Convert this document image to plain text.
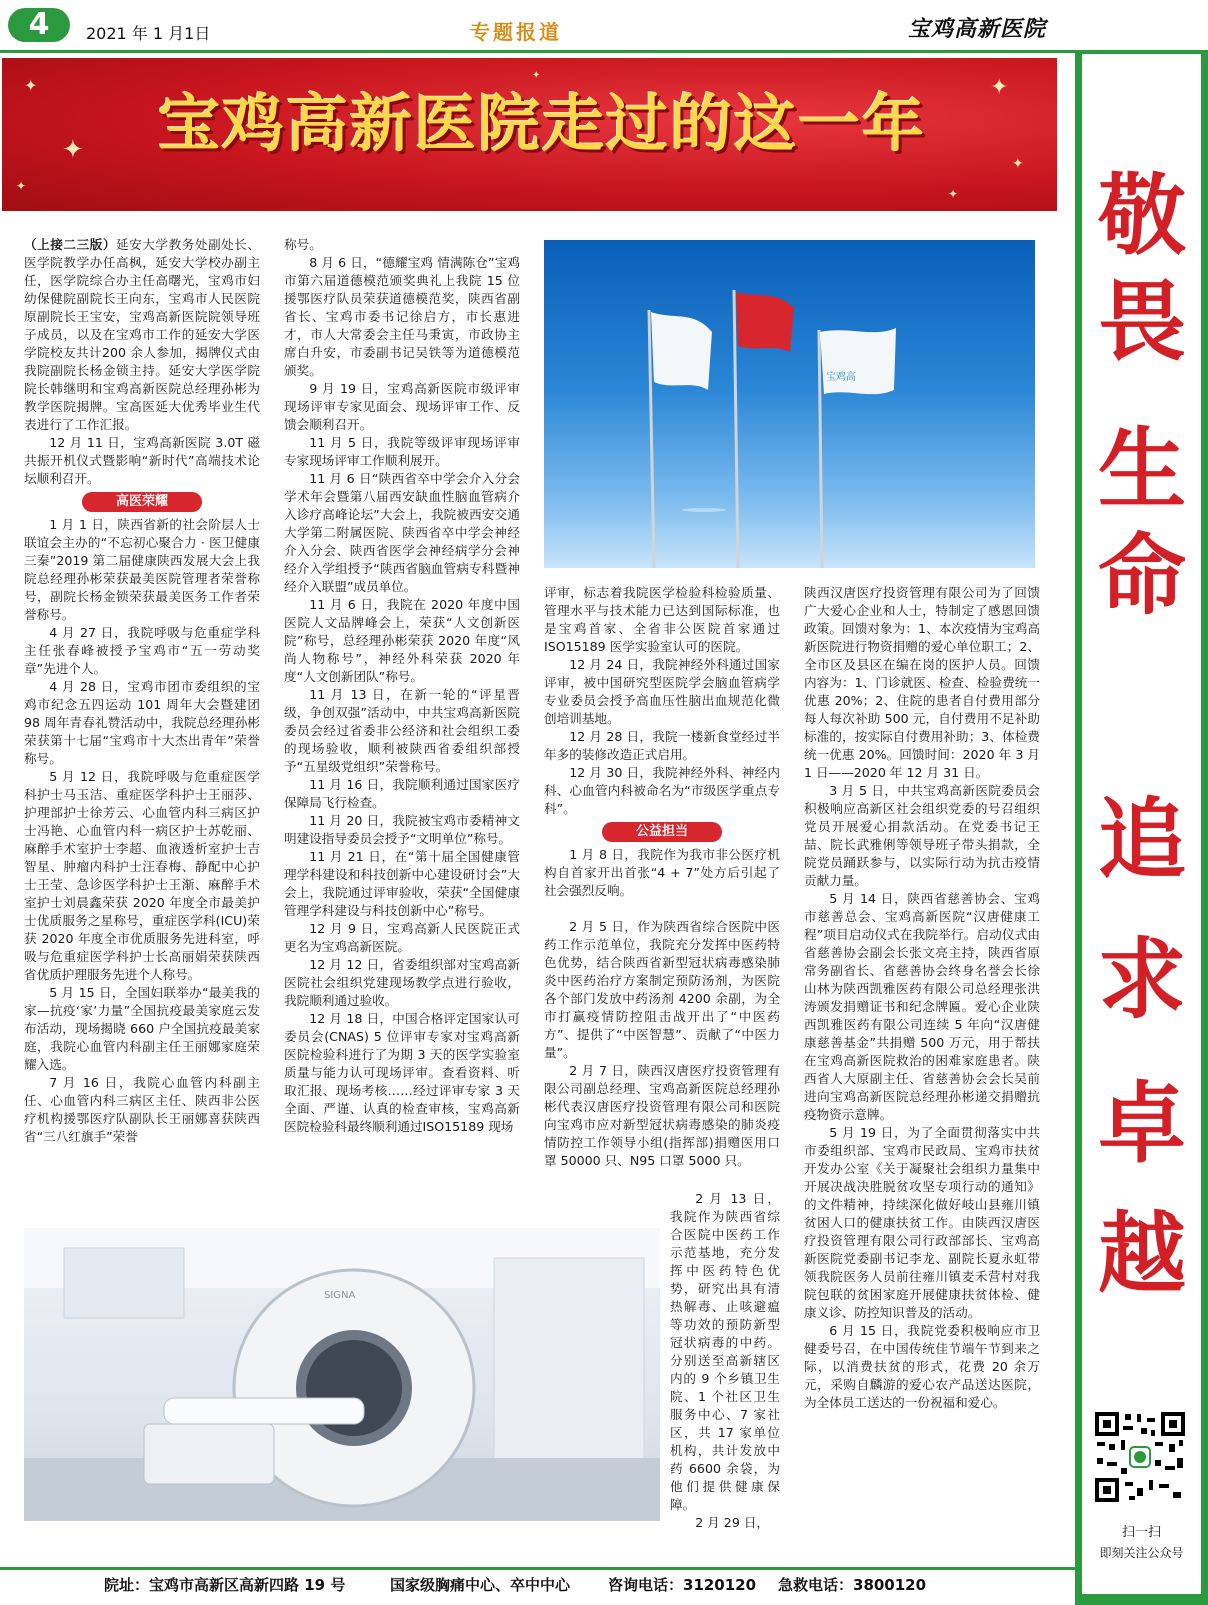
4	2021 年 1 月1日	专题报道	宝鸡高新医院
✦
✦
✦
✦
✦
✦
✦
宝鸡高新医院走过的这一年

（上接二三版）延安大学教务处副处长、医学院教学办任高枫，延安大学校办副主任，医学院综合办主任高曙光，宝鸡市妇幼保健院副院长王向东，宝鸡市人民医院原副院长王宝安，宝鸡高新医院院领导班子成员，以及在宝鸡市工作的延安大学医学院校友共计200 余人参加，揭牌仪式由我院副院长杨金锁主持。延安大学医学院院长韩继明和宝鸡高新医院总经理孙彬为教学医院揭牌。宝高医延大优秀毕业生代表进行了工作汇报。

12 月 11 日，宝鸡高新医院 3.0T 磁共振开机仪式暨影响“新时代”高端技术论坛顺利召开。

高医荣耀

1 月 1 日，陕西省新的社会阶层人士联谊会主办的“不忘初心聚合力 · 医卫健康三秦”2019 第二届健康陕西发展大会上我院总经理孙彬荣获最美医院管理者荣誉称号，副院长杨金锁荣获最美医务工作者荣誉称号。

4 月 27 日，我院呼吸与危重症学科主任张春峰被授予宝鸡市“五一劳动奖章”先进个人。

4 月 28 日，宝鸡市团市委组织的宝鸡市纪念五四运动 101 周年大会暨建团 98 周年青春礼赞活动中，我院总经理孙彬荣获第十七届“宝鸡市十大杰出青年”荣誉称号。

5 月 12 日，我院呼吸与危重症医学科护士马玉洁、重症医学科护士王丽莎、护理部护士徐芳云、心血管内科三病区护士冯艳、心血管内科一病区护士苏乾丽、麻醉手术室护士李超、血液透析室护士吉智星、肿瘤内科护士汪春梅、静配中心护士王莹、急诊医学科护士王渐、麻醉手术室护士刘晨鑫荣获 2020 年度全市最美护士优质服务之星称号，重症医学科(ICU)荣获 2020 年度全市优质服务先进科室，呼吸与危重症医学科护士长高丽娟荣获陕西省优质护理服务先进个人称号。

5 月 15 日，全国妇联举办“最美我的家—抗疫‘家’力量”全国抗疫最美家庭云发布活动，现场揭晓 660 户全国抗疫最美家庭，我院心血管内科副主任王丽娜家庭荣耀入选。

7 月 16 日，我院心血管内科副主任、心血管内科三病区主任、陕西非公医疗机构援鄂医疗队副队长王丽娜喜获陕西省“三八红旗手”荣誉

称号。

8 月 6 日，“德耀宝鸡 情满陈仓”宝鸡市第六届道德模范颁奖典礼上我院 15 位援鄂医疗队员荣获道德模范奖，陕西省副省长、宝鸡市委书记徐启方，市长惠进才，市人大常委会主任马秉寅，市政协主席白升安，市委副书记吴铁等为道德模范颁奖。

9 月 19 日，宝鸡高新医院市级评审现场评审专家见面会、现场评审工作、反馈会顺利召开。

11 月 5 日，我院等级评审现场评审专家现场评审工作顺利展开。

11 月 6 日“陕西省卒中学会介入分会学术年会暨第八届西安缺血性脑血管病介入诊疗高峰论坛”大会上，我院被西安交通大学第二附属医院、陕西省卒中学会神经介入分会、陕西省医学会神经病学分会神经介入学组授予“陕西省脑血管病专科暨神经介入联盟”成员单位。

11 月 6 日，我院在 2020 年度中国医院人文品牌峰会上，荣获“人文创新医院”称号，总经理孙彬荣获 2020 年度“风尚人物称号”，神经外科荣获 2020 年度“人文创新团队”称号。

11 月 13 日，在新一轮的“评星晋级，争创双强”活动中，中共宝鸡高新医院委员会经过省委非公经济和社会组织工委的现场验收，顺利被陕西省委组织部授予“五星级党组织”荣誉称号。

11 月 16 日，我院顺利通过国家医疗保障局飞行检查。

11 月 20 日，我院被宝鸡市委精神文明建设指导委员会授予“文明单位”称号。

11 月 21 日，在“第十届全国健康管理学科建设和科技创新中心建设研讨会”大会上，我院通过评审验收，荣获“全国健康管理学科建设与科技创新中心”称号。

12 月 9 日，宝鸡高新人民医院正式更名为宝鸡高新医院。

12 月 12 日，省委组织部对宝鸡高新医院社会组织党建现场教学点进行验收，我院顺利通过验收。

12 月 18 日，中国合格评定国家认可委员会(CNAS) 5 位评审专家对宝鸡高新医院检验科进行了为期 3 天的医学实验室质量与能力认可现场评审。查看资料、听取汇报、现场考核……经过评审专家 3 天全面、严谨、认真的检查审核，宝鸡高新医院检验科最终顺利通过ISO15189 现场

宝鸡高

评审，标志着我院医学检验科检验质量、管理水平与技术能力已达到国际标准，也是宝鸡首家、全省非公医院首家通过 ISO15189 医学实验室认可的医院。

12 月 24 日，我院神经外科通过国家评审，被中国研究型医院学会脑血管病学专业委员会授予高血压性脑出血规范化微创培训基地。

12 月 28 日，我院一楼新食堂经过半年多的装修改造正式启用。

12 月 30 日，我院神经外科、神经内科、心血管内科被命名为“市级医学重点专科”。

公益担当

1 月 8 日，我院作为我市非公医疗机构自首家开出首张“4 + 7”处方后引起了社会强烈反响。

2 月 5 日，作为陕西省综合医院中医药工作示范单位，我院充分发挥中医药特色优势，结合陕西省新型冠状病毒感染肺炎中医药治疗方案制定预防汤剂，为医院各个部门发放中药汤剂 4200 余副，为全市打赢疫情防控阻击战开出了“中医药方”、提供了“中医智慧”、贡献了“中医力量”。

2 月 7 日，陕西汉唐医疗投资管理有限公司副总经理、宝鸡高新医院总经理孙彬代表汉唐医疗投资管理有限公司和医院向宝鸡市应对新型冠状病毒感染的肺炎疫情防控工作领导小组(指挥部)捐赠医用口罩 50000 只、N95 口罩 5000 只。

2 月 13 日，我院作为陕西省综合医院中医药工作示范基地，充分发挥中医药特色优势，研究出具有清热解毒、止咳避瘟等功效的预防新型冠状病毒的中药。分别送至高新辖区内的 9 个乡镇卫生院、1 个社区卫生服务中心、7 家社区，共 17 家单位机构，共计发放中药 6600 余袋，为他们提供健康保障。

2 月 29 日，

陕西汉唐医疗投资管理有限公司为了回馈广大爱心企业和人士，特制定了感恩回馈政策。回馈对象为：1、本次疫情为宝鸡高新医院进行物资捐赠的爱心单位职工；2、全市区及县区在编在岗的医护人员。回馈内容为：1、门诊就医、检查、检验费统一优惠 20%；2、住院的患者自付费用部分每人每次补助 500 元，自付费用不足补助标准的，按实际自付费用补助；3、体检费统一优惠 20%。回馈时间：2020 年 3 月 1 日——2020 年 12 月 31 日。

3 月 5 日，中共宝鸡高新医院委员会积极响应高新区社会组织党委的号召组织党员开展爱心捐款活动。在党委书记王喆、院长武雅俐等领导班子带头捐款，全院党员踊跃参与，以实际行动为抗击疫情贡献力量。

5 月 14 日，陕西省慈善协会、宝鸡市慈善总会、宝鸡高新医院“汉唐健康工程”项目启动仪式在我院举行。启动仪式由省慈善协会副会长张文亮主持，陕西省原常务副省长、省慈善协会终身名誉会长徐山林为陕西凯雅医药有限公司总经理张洪涛颁发捐赠证书和纪念牌匾。爱心企业陕西凯雅医药有限公司连续 5 年向“汉唐健康慈善基金”共捐赠 500 万元，用于帮扶在宝鸡高新医院救治的困难家庭患者。陕西省人大原副主任、省慈善协会会长吴前进向宝鸡高新医院总经理孙彬递交捐赠抗疫物资示意牌。

5 月 19 日，为了全面贯彻落实中共市委组织部、宝鸡市民政局、宝鸡市扶贫开发办公室《关于凝聚社会组织力量集中开展决战决胜脱贫攻坚专项行动的通知》的文件精神，持续深化做好岐山县雍川镇贫困人口的健康扶贫工作。由陕西汉唐医疗投资管理有限公司行政部部长、宝鸡高新医院党委副书记李龙、副院长夏永虹带领我院医务人员前往雍川镇麦禾营村对我院包联的贫困家庭开展健康扶贫体检、健康义诊、防控知识普及的活动。

6 月 15 日，我院党委积极响应市卫健委号召，在中国传统佳节端午节到来之际，以消费扶贫的形式，花费 20 余万元，采购自麟游的爱心农产品送达医院，为全体员工送达的一份祝福和爱心。

SIGNA
敬
畏
生
命
追
求
卓
越
扫一扫
即刻关注公众号
院址：宝鸡市高新区高新四路 19 号	国家级胸痛中心、卒中中心	咨询电话：3120120 急救电话：3800120
